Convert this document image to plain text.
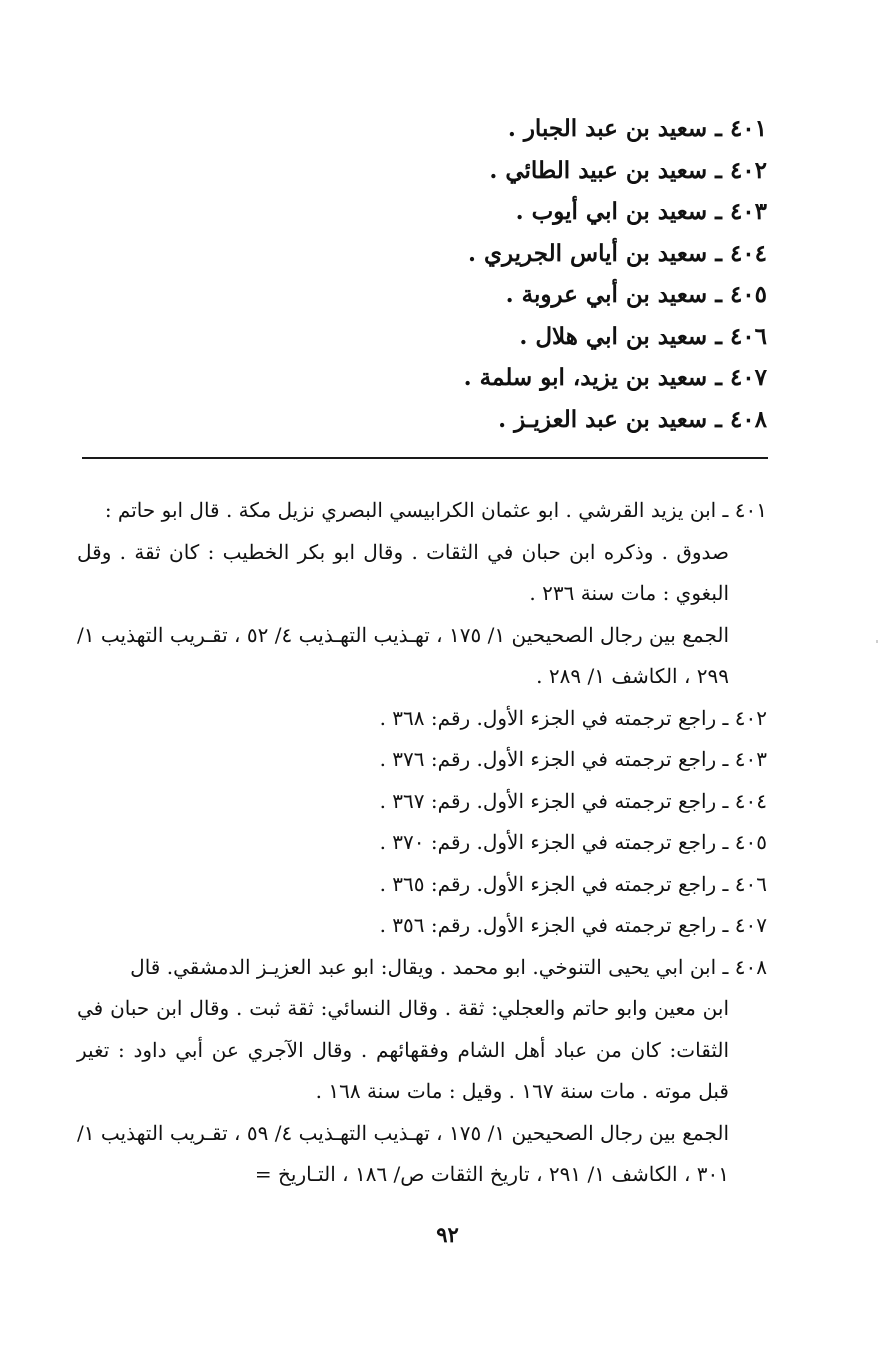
٤٠١ ـ سعيد بن عبد الجبار .
٤٠٢ ـ سعيد بن عبيد الطائي .
٤٠٣ ـ سعيد بن ابي أيوب .
٤٠٤ ـ سعيد بن أياس الجريري .
٤٠٥ ـ سعيد بن أبي عروبة .
٤٠٦ ـ سعيد بن ابي هلال .
٤٠٧ ـ سعيد بن يزيد، ابو سلمة .
٤٠٨ ـ سعيد بن عبد العزيـز .
٤٠١ ـ ابن يزيد القرشي . ابو عثمان الكرابيسي البصري نزيل مكة . قال ابو حاتم :
صدوق . وذكره ابن حبان في الثقات . وقال ابو بكر الخطيب : كان ثقة . وقل البغوي : مات سنة ٢٣٦ .
الجمع بين رجال الصحيحين ١/ ١٧٥ ، تهـذيب التهـذيب ٤/ ٥٢ ، تقـريب التهذيب ١/ ٢٩٩ ، الكاشف ١/ ٢٨٩ .
٤٠٢ ـ راجع ترجمته في الجزء الأول. رقم: ٣٦٨ .
٤٠٣ ـ راجع ترجمته في الجزء الأول. رقم: ٣٧٦ .
٤٠٤ ـ راجع ترجمته في الجزء الأول. رقم: ٣٦٧ .
٤٠٥ ـ راجع ترجمته في الجزء الأول. رقم: ٣٧٠ .
٤٠٦ ـ راجع ترجمته في الجزء الأول. رقم: ٣٦٥ .
٤٠٧ ـ راجع ترجمته في الجزء الأول. رقم: ٣٥٦ .
٤٠٨ ـ ابن ابي يحيى التنوخي. ابو محمد . ويقال: ابو عبد العزيـز الدمشقي. قال
ابن معين وابو حاتم والعجلي: ثقة . وقال النسائي: ثقة ثبت . وقال ابن حبان في الثقات: كان من عباد أهل الشام وفقهائهم . وقال الآجري عن أبي داود : تغير قبل موته . مات سنة ١٦٧ . وقيل : مات سنة ١٦٨ .
الجمع بين رجال الصحيحين ١/ ١٧٥ ، تهـذيب التهـذيب ٤/ ٥٩ ، تقـريب التهذيب ١/ ٣٠١ ، الكاشف ١/ ٢٩١ ، تاريخ الثقات ص/ ١٨٦ ، التـاريخ =
٩٢
